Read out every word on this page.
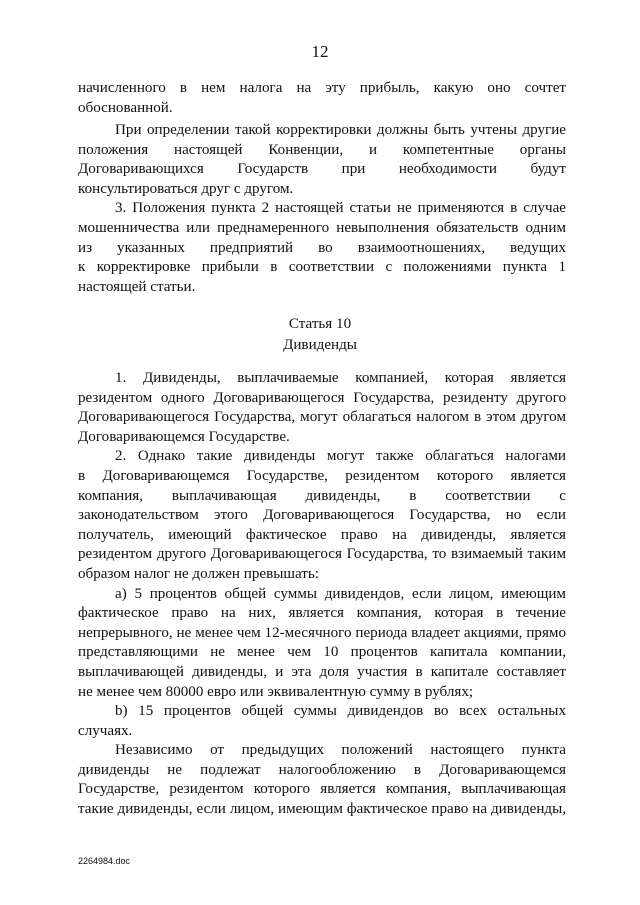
12
начисленного в нем налога на эту прибыль, какую оно сочтет
обоснованной.
При определении такой корректировки должны быть учтены другие
положения настоящей Конвенции, и компетентные органы
Договаривающихся Государств при необходимости будут
консультироваться друг с другом.
3. Положения пункта 2 настоящей статьи не применяются в случае
мошенничества или преднамеренного невыполнения обязательств одним
из указанных предприятий во взаимоотношениях, ведущих
к корректировке прибыли в соответствии с положениями пункта 1
настоящей статьи.
Статья 10
Дивиденды
1. Дивиденды, выплачиваемые компанией, которая является
резидентом одного Договаривающегося Государства, резиденту другого
Договаривающегося Государства, могут облагаться налогом в этом другом
Договаривающемся Государстве.
2. Однако такие дивиденды могут также облагаться налогами
в Договаривающемся Государстве, резидентом которого является
компания, выплачивающая дивиденды, в соответствии с
законодательством этого Договаривающегося Государства, но если
получатель, имеющий фактическое право на дивиденды, является
резидентом другого Договаривающегося Государства, то взимаемый таким
образом налог не должен превышать:
a) 5 процентов общей суммы дивидендов, если лицом, имеющим
фактическое право на них, является компания, которая в течение
непрерывного, не менее чем 12-месячного периода владеет акциями, прямо
представляющими не менее чем 10 процентов капитала компании,
выплачивающей дивиденды, и эта доля участия в капитале составляет
не менее чем 80000 евро или эквивалентную сумму в рублях;
b) 15 процентов общей суммы дивидендов во всех остальных
случаях.
Независимо от предыдущих положений настоящего пункта
дивиденды не подлежат налогообложению в Договаривающемся
Государстве, резидентом которого является компания, выплачивающая
такие дивиденды, если лицом, имеющим фактическое право на дивиденды,
2264984.doc
